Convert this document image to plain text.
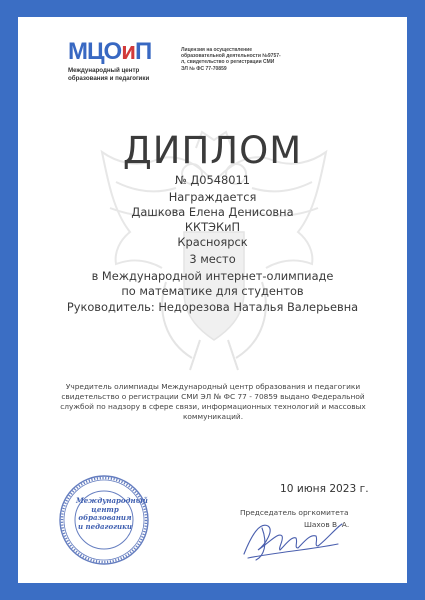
МЦОиП
Международный центр образования и педагогики
Лицензия на осуществление образовательной деятельности №9757-л, свидетельство о регистрации СМИ ЭЛ № ФС 77-70859
ДИПЛОМ
№ Д0548011
Награждается
Дашкова Елена Денисовна
ККТЭКиП
Красноярск
3 место
в Международной интернет-олимпиаде
по математике для студентов
Руководитель: Недорезова Наталья Валерьевна
Учредитель олимпиады Международный центр образования и педагогики свидетельство о регистрации СМИ ЭЛ № ФС 77 - 70859 выдано Федеральной службой по надзору в сфере связи, информационных технологий и массовых коммуникаций.
10 июня 2023 г.
Председатель оргкомитета
Шахов В. А.
Международный центр образования и педагогики
